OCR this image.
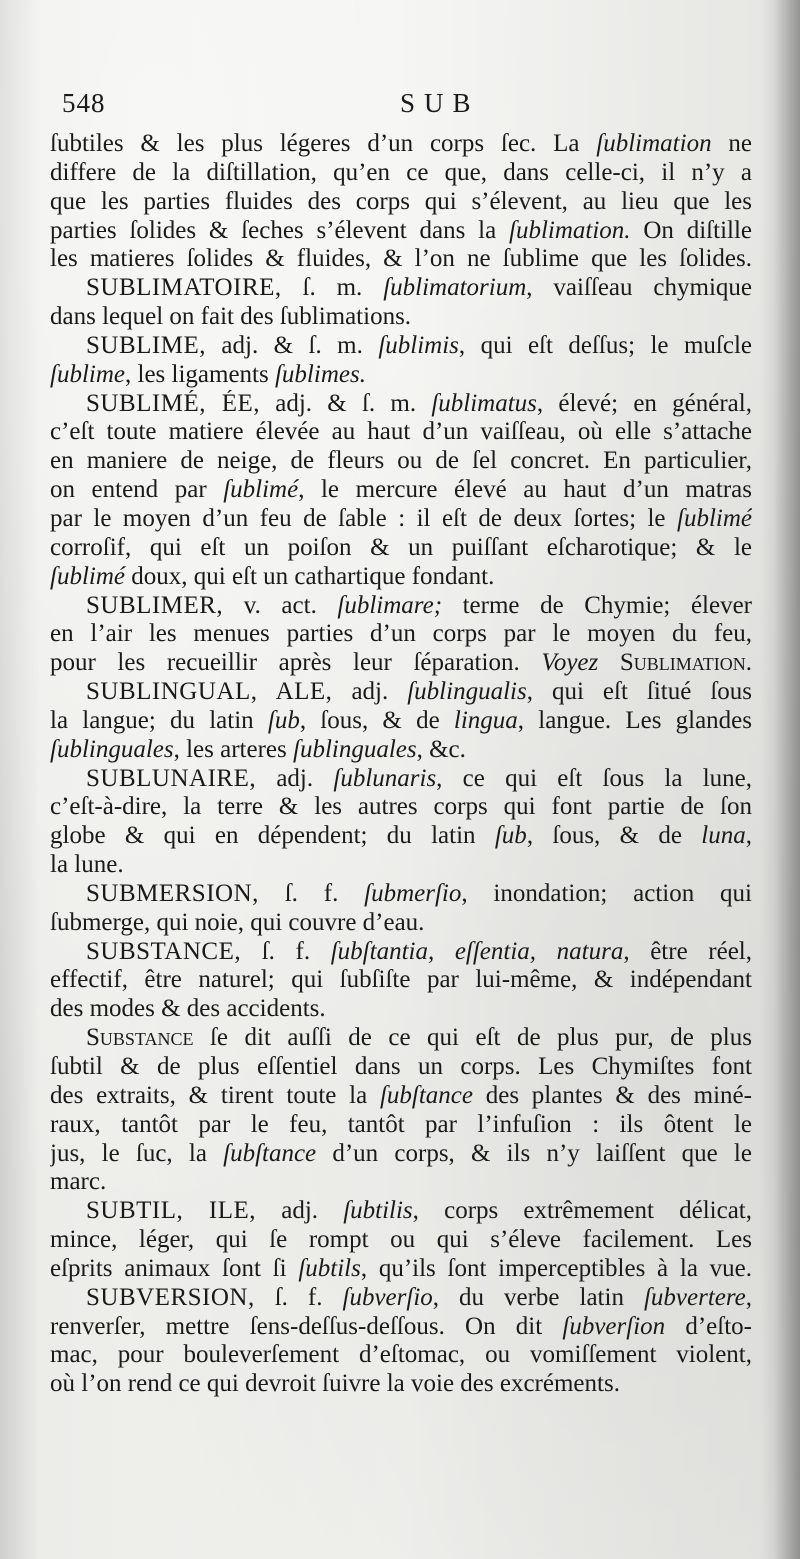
548	SUB
ſubtiles & les plus légeres d’un corps ſec. La ſublimation ne
differe de la diſtillation, qu’en ce que, dans celle-ci, il n’y a
que les parties fluides des corps qui s’élevent, au lieu que les
parties ſolides & ſeches s’élevent dans la ſublimation. On diſtille
les matieres ſolides & fluides, & l’on ne ſublime que les ſolides.
SUBLIMATOIRE, ſ. m. ſublimatorium, vaiſſeau chymique
dans lequel on fait des ſublimations.
SUBLIME, adj. & ſ. m. ſublimis, qui eſt deſſus; le muſcle
ſublime, les ligaments ſublimes.
SUBLIMÉ, ÉE, adj. & ſ. m. ſublimatus, élevé; en général,
c’eſt toute matiere élevée au haut d’un vaiſſeau, où elle s’attache
en maniere de neige, de fleurs ou de ſel concret. En particulier,
on entend par ſublimé, le mercure élevé au haut d’un matras
par le moyen d’un feu de ſable : il eſt de deux ſortes; le ſublimé
corroſif, qui eſt un poiſon & un puiſſant eſcharotique; & le
ſublimé doux, qui eſt un cathartique fondant.
SUBLIMER, v. act. ſublimare; terme de Chymie; élever
en l’air les menues parties d’un corps par le moyen du feu,
pour les recueillir après leur ſéparation. Voyez Sublimation.
SUBLINGUAL, ALE, adj. ſublingualis, qui eſt ſitué ſous
la langue; du latin ſub, ſous, & de lingua, langue. Les glandes
ſublinguales, les arteres ſublinguales, &c.
SUBLUNAIRE, adj. ſublunaris, ce qui eſt ſous la lune,
c’eſt-à-dire, la terre & les autres corps qui font partie de ſon
globe & qui en dépendent; du latin ſub, ſous, & de luna,
la lune.
SUBMERSION, ſ. f. ſubmerſio, inondation; action qui
ſubmerge, qui noie, qui couvre d’eau.
SUBSTANCE, ſ. f. ſubſtantia, eſſentia, natura, être réel,
effectif, être naturel; qui ſubſiſte par lui-même, & indépendant
des modes & des accidents.
Substance ſe dit auſſi de ce qui eſt de plus pur, de plus
ſubtil & de plus eſſentiel dans un corps. Les Chymiſtes font
des extraits, & tirent toute la ſubſtance des plantes & des miné-
raux, tantôt par le feu, tantôt par l’infuſion : ils ôtent le
jus, le ſuc, la ſubſtance d’un corps, & ils n’y laiſſent que le
marc.
SUBTIL, ILE, adj. ſubtilis, corps extrêmement délicat,
mince, léger, qui ſe rompt ou qui s’éleve facilement. Les
eſprits animaux ſont ſi ſubtils, qu’ils ſont imperceptibles à la vue.
SUBVERSION, ſ. f. ſubverſio, du verbe latin ſubvertere,
renverſer, mettre ſens-deſſus-deſſous. On dit ſubverſion d’eſto-
mac, pour bouleverſement d’eſtomac, ou vomiſſement violent,
où l’on rend ce qui devroit ſuivre la voie des excréments.
